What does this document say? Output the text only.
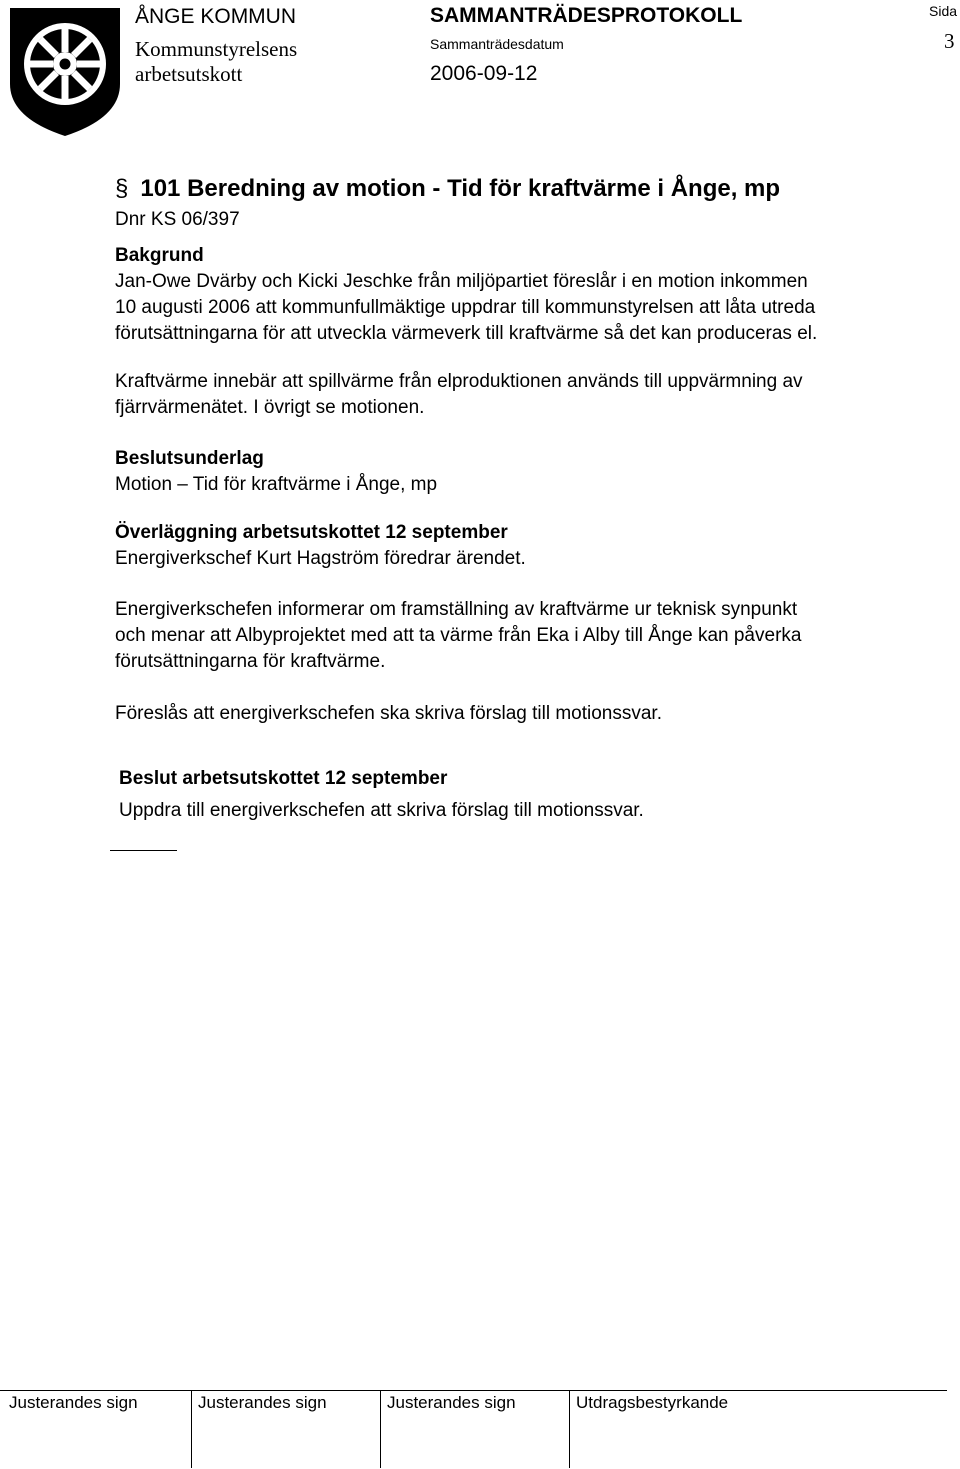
ÅNGE KOMMUN
Kommunstyrelsens
arbetsutskott
SAMMANTRÄDESPROTOKOLL
Sammanträdesdatum
2006-09-12
Sida
3
§ 101 Beredning av motion - Tid för kraftvärme i Ånge, mp
Dnr KS 06/397
Bakgrund
Jan-Owe Dvärby och Kicki Jeschke från miljöpartiet föreslår i en motion inkommen
10 augusti 2006 att kommunfullmäktige uppdrar till kommunstyrelsen att låta utreda
förutsättningarna för att utveckla värmeverk till kraftvärme så det kan produceras el.
Kraftvärme innebär att spillvärme från elproduktionen används till uppvärmning av
fjärrvärmenätet. I övrigt se motionen.
Beslutsunderlag
Motion – Tid för kraftvärme i Ånge, mp
Överläggning arbetsutskottet 12 september
Energiverkschef Kurt Hagström föredrar ärendet.
Energiverkschefen informerar om framställning av kraftvärme ur teknisk synpunkt
och menar att Albyprojektet med att ta värme från Eka i Alby till Ånge kan påverka
förutsättningarna för kraftvärme.
Föreslås att energiverkschefen ska skriva förslag till motionssvar.
Beslut arbetsutskottet 12 september
Uppdra till energiverkschefen att skriva förslag till motionssvar.
Justerandes sign	Justerandes sign	Justerandes sign	Utdragsbestyrkande
